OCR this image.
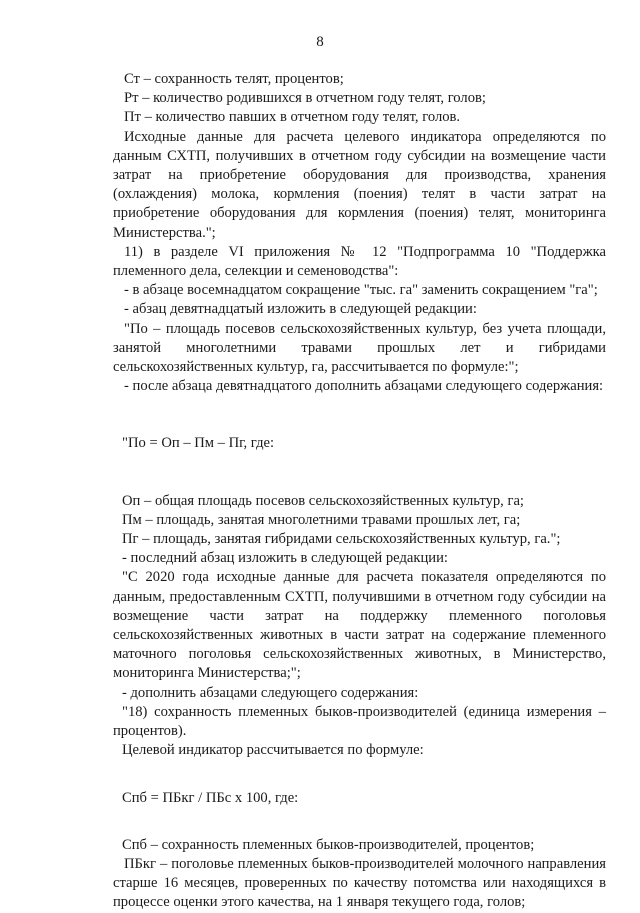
8

Ст – сохранность телят, процентов;

Рт – количество родившихся в отчетном году телят, голов;

Пт – количество павших в отчетном году телят, голов.

Исходные данные для расчета целевого индикатора определяются по данным СХТП, получивших в отчетном году субсидии на возмещение части затрат на приобретение оборудования для производства, хранения (охлаждения) молока, кормления (поения) телят в части затрат на приобретение оборудования для кормления (поения) телят, мониторинга Министерства.";

11) в разделе VI приложения № 12 "Подпрограмма 10 "Поддержка племенного дела, селекции и семеноводства":

- в абзаце восемнадцатом сокращение "тыс. га" заменить сокращением "га";

- абзац девятнадцатый изложить в следующей редакции:

"По – площадь посевов сельскохозяйственных культур, без учета площади, занятой многолетними травами прошлых лет и гибридами сельскохозяйственных культур, га, рассчитывается по формуле:";

- после абзаца девятнадцатого дополнить абзацами следующего содержания:

"По = Оп – Пм – Пг, где:

Оп – общая площадь посевов сельскохозяйственных культур, га;

Пм – площадь, занятая многолетними травами прошлых лет, га;

Пг – площадь, занятая гибридами сельскохозяйственных культур, га.";

- последний абзац изложить в следующей редакции:

"С 2020 года исходные данные для расчета показателя определяются по данным, предоставленным СХТП, получившими в отчетном году субсидии на возмещение части затрат на поддержку племенного поголовья сельскохозяйственных животных в части затрат на содержание племенного маточного поголовья сельскохозяйственных животных, в Министерство, мониторинга Министерства;";

- дополнить абзацами следующего содержания:

"18) сохранность племенных быков-производителей (единица измерения – процентов).

Целевой индикатор рассчитывается по формуле:

Спб = ПБкг / ПБс х 100, где:

Спб – сохранность племенных быков-производителей, процентов;

ПБкг – поголовье племенных быков-производителей молочного направления старше 16 месяцев, проверенных по качеству потомства или находящихся в процессе оценки этого качества, на 1 января текущего года, голов;
